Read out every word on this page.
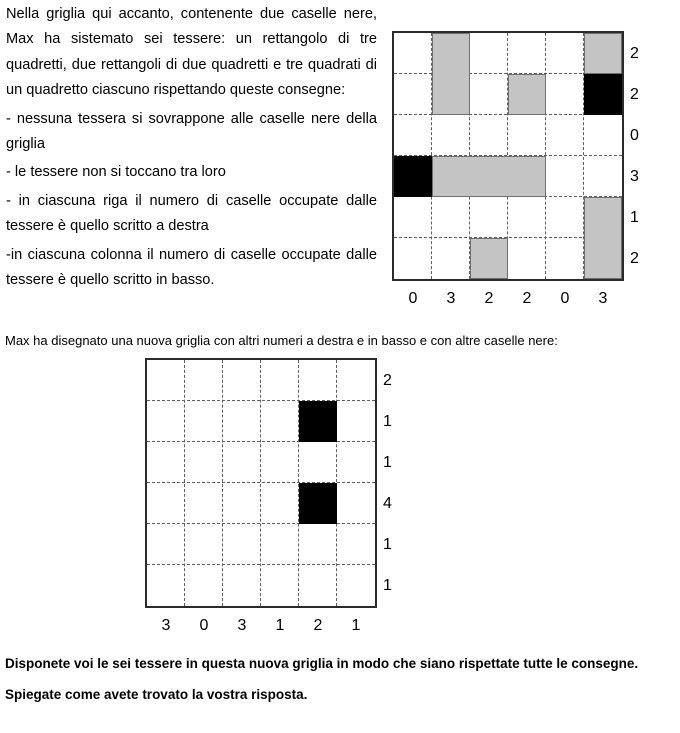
Nella griglia qui accanto, contenente due caselle nere, Max ha sistemato sei tessere: un rettangolo di tre quadretti, due rettangoli di due quadretti e tre quadrati di un quadretto ciascuno rispettando queste consegne:

- nessuna tessera si sovrappone alle caselle nere della griglia

- le tessere non si toccano tra loro

- in ciascuna riga il numero di caselle occupate dalle tessere è quello scritto a destra

-in ciascuna colonna il numero di caselle occupate dalle tessere è quello scritto in basso.

2
2
0
3
1
2
0	3	2	2	0	3
Max ha disegnato una nuova griglia con altri numeri a destra e in basso e con altre caselle nere:
2
1
1
4
1
1
3	0	3	1	2	1

Disponete voi le sei tessere in questa nuova griglia in modo che siano rispettate tutte le consegne.

Spiegate come avete trovato la vostra risposta.
